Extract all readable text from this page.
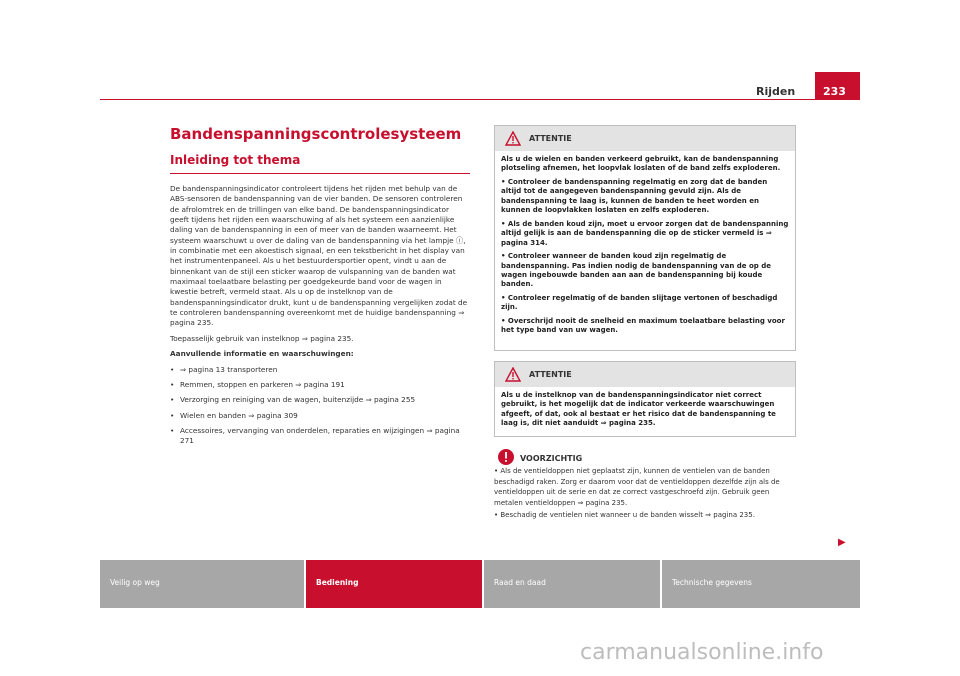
Rijden	233
Bandenspanningscontrolesysteem
Inleiding tot thema

De bandenspanningsindicator controleert tijdens het rijden met behulp van de ABS-sensoren de bandenspanning van de vier banden. De sensoren controleren de afrolomtrek en de trillingen van elke band. De bandenspanningsindicator geeft tijdens het rijden een waarschuwing af als het systeem een aanzienlijke daling van de bandenspanning in een of meer van de banden waarneemt. Het systeem waarschuwt u over de daling van de bandenspanning via het lampje ⓘ, in combinatie met een akoestisch signaal, en een tekstbericht in het display van het instrumentenpaneel. Als u het bestuurdersportier opent, vindt u aan de binnenkant van de stijl een sticker waarop de vulspanning van de banden wat maximaal toelaatbare belasting per goedgekeurde band voor de wagen in kwestie betreft, vermeld staat. Als u op de instelknop van de bandenspanningsindicator drukt, kunt u de bandenspanning vergelijken zodat de te controleren bandenspanning overeenkomt met de huidige bandenspanning ⇒ pagina 235.

Toepasselijk gebruik van instelknop ⇒ pagina 235.

Aanvullende informatie en waarschuwingen:

• ⇒ pagina 13 transporteren
• Remmen, stoppen en parkeren ⇒ pagina 191
• Verzorging en reiniging van de wagen, buitenzijde ⇒ pagina 255
• Wielen en banden ⇒ pagina 309
• Accessoires, vervanging van onderdelen, reparaties en wijzigingen ⇒ pagina 271
ATTENTIE

Als u de wielen en banden verkeerd gebruikt, kan de bandenspanning plotseling afnemen, het loopvlak loslaten of de band zelfs exploderen.

• Controleer de bandenspanning regelmatig en zorg dat de banden altijd tot de aangegeven bandenspanning gevuld zijn. Als de bandenspanning te laag is, kunnen de banden te heet worden en kunnen de loopvlakken loslaten en zelfs exploderen.

• Als de banden koud zijn, moet u ervoor zorgen dat de bandenspanning altijd gelijk is aan de bandenspanning die op de sticker vermeld is ⇒ pagina 314.

• Controleer wanneer de banden koud zijn regelmatig de bandenspanning. Pas indien nodig de bandenspanning van de op de wagen ingebouwde banden aan aan de bandenspanning bij koude banden.

• Controleer regelmatig of de banden slijtage vertonen of beschadigd zijn.

• Overschrijd nooit de snelheid en maximum toelaatbare belasting voor het type band van uw wagen.

ATTENTIE

Als u de instelknop van de bandenspanningsindicator niet correct gebruikt, is het mogelijk dat de indicator verkeerde waarschuwingen afgeeft, of dat, ook al bestaat er het risico dat de bandenspanning te laag is, dit niet aanduidt ⇒ pagina 235.

VOORZICHTIG

• Als de ventieldoppen niet geplaatst zijn, kunnen de ventielen van de banden beschadigd raken. Zorg er daarom voor dat de ventieldoppen dezelfde zijn als de ventieldoppen uit de serie en dat ze correct vastgeschroefd zijn. Gebruik geen metalen ventieldoppen ⇒ pagina 235.

• Beschadig de ventielen niet wanneer u de banden wisselt ⇒ pagina 235.

▶
Veilig op weg	Bediening	Raad en daad	Technische gegevens
carmanualsonline.info
